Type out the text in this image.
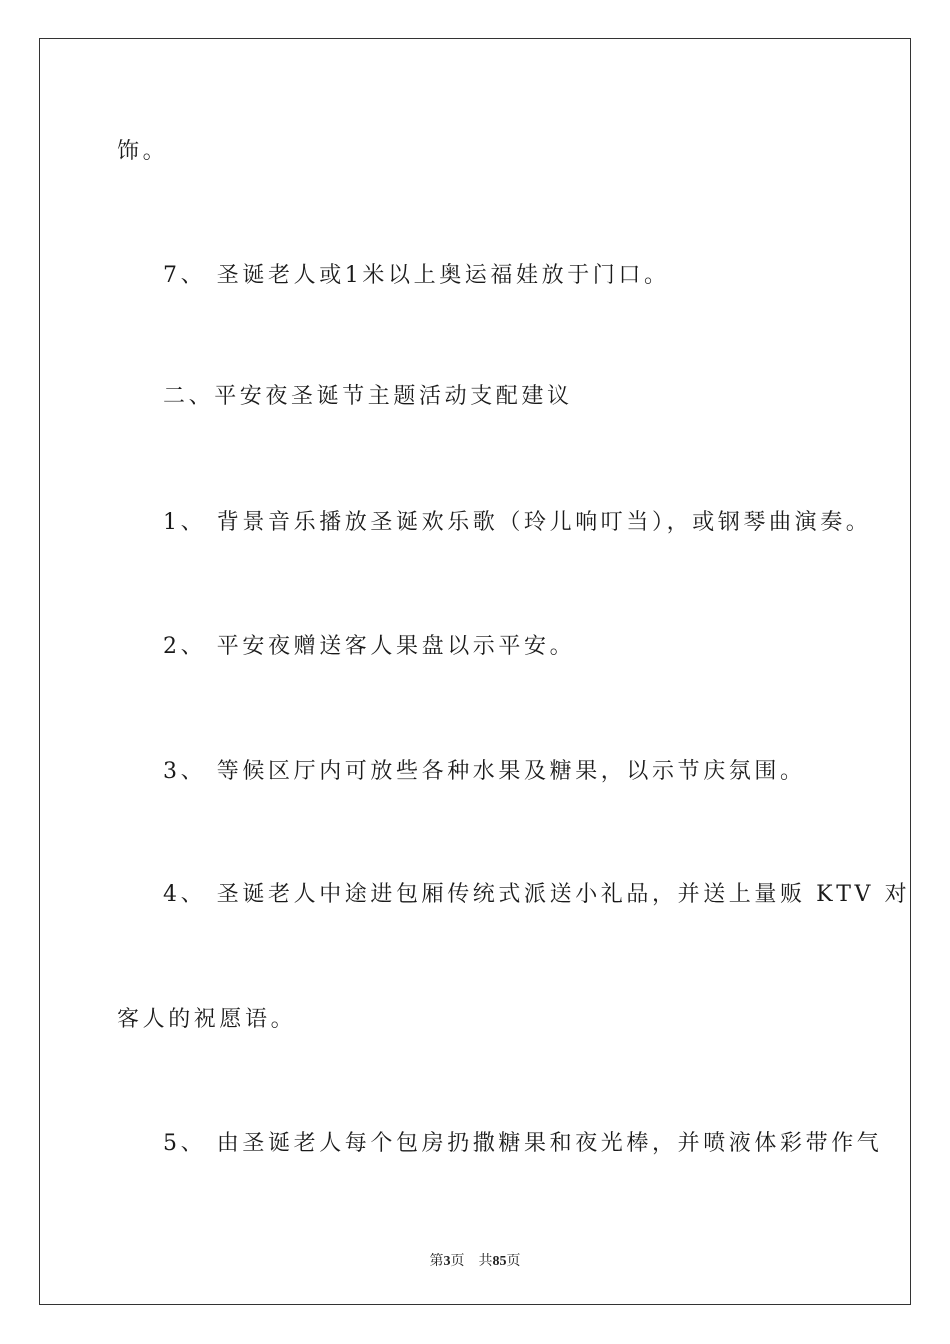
饰。
7、 圣诞老人或1米以上奥运福娃放于门口。
二、平安夜圣诞节主题活动支配建议
1、 背景音乐播放圣诞欢乐歌（玲儿响叮当），或钢琴曲演奏。
2、 平安夜赠送客人果盘以示平安。
3、 等候区厅内可放些各种水果及糖果，以示节庆氛围。
4、 圣诞老人中途进包厢传统式派送小礼品，并送上量贩 KTV 对
客人的祝愿语。
5、 由圣诞老人每个包房扔撒糖果和夜光棒，并喷液体彩带作气
第3页 共85页
